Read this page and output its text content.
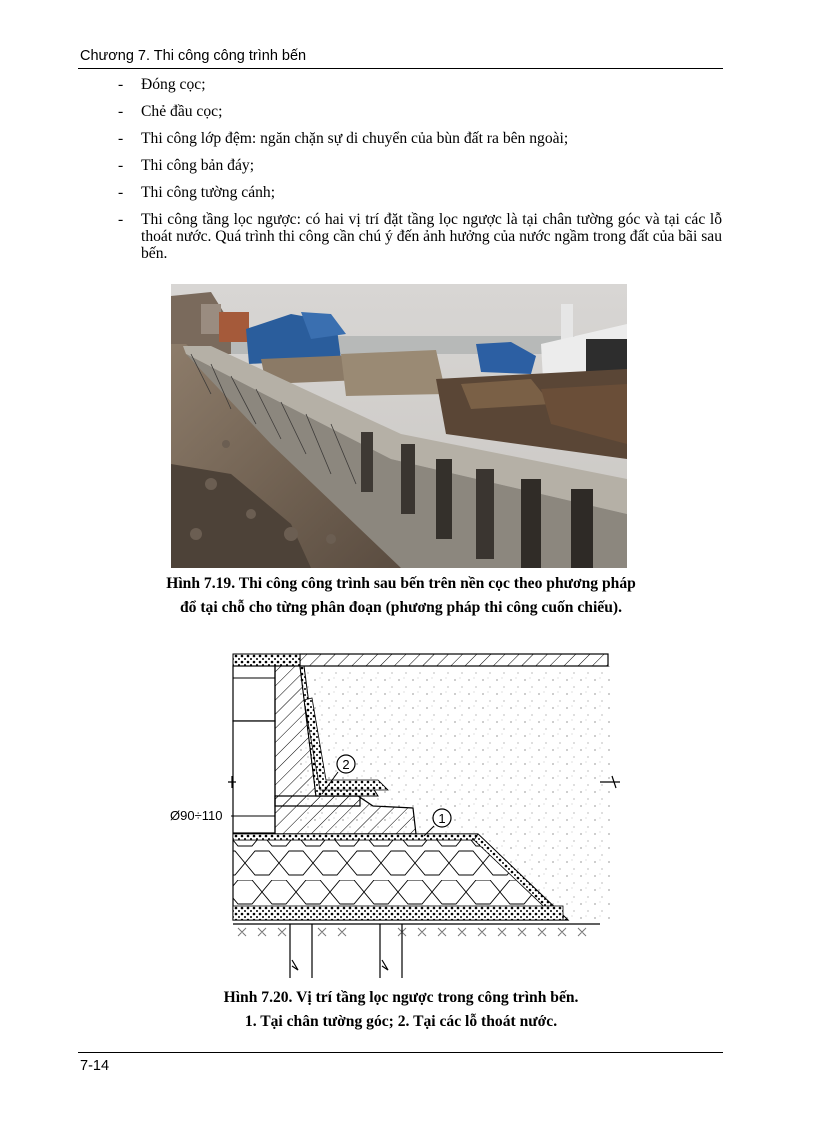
Chương 7. Thi công công trình bến
- Đóng cọc;
- Chẻ đầu cọc;
- Thi công lớp đệm: ngăn chặn sự di chuyển của bùn đất ra bên ngoài;
- Thi công bản đáy;
- Thi công tường cánh;
- Thi công tầng lọc ngược: có hai vị trí đặt tầng lọc ngược là tại chân tường góc và tại các lỗ thoát nước. Quá trình thi công cần chú ý đến ảnh hưởng của nước ngầm trong đất của bãi sau bến.
Hình 7.19. Thi công công trình sau bến trên nền cọc theo phương pháp
đổ tại chỗ cho từng phân đoạn (phương pháp thi công cuốn chiếu).
2
1
Ø90÷110
Hình 7.20. Vị trí tầng lọc ngược trong công trình bến.
1. Tại chân tường góc; 2. Tại các lỗ thoát nước.
7-14
